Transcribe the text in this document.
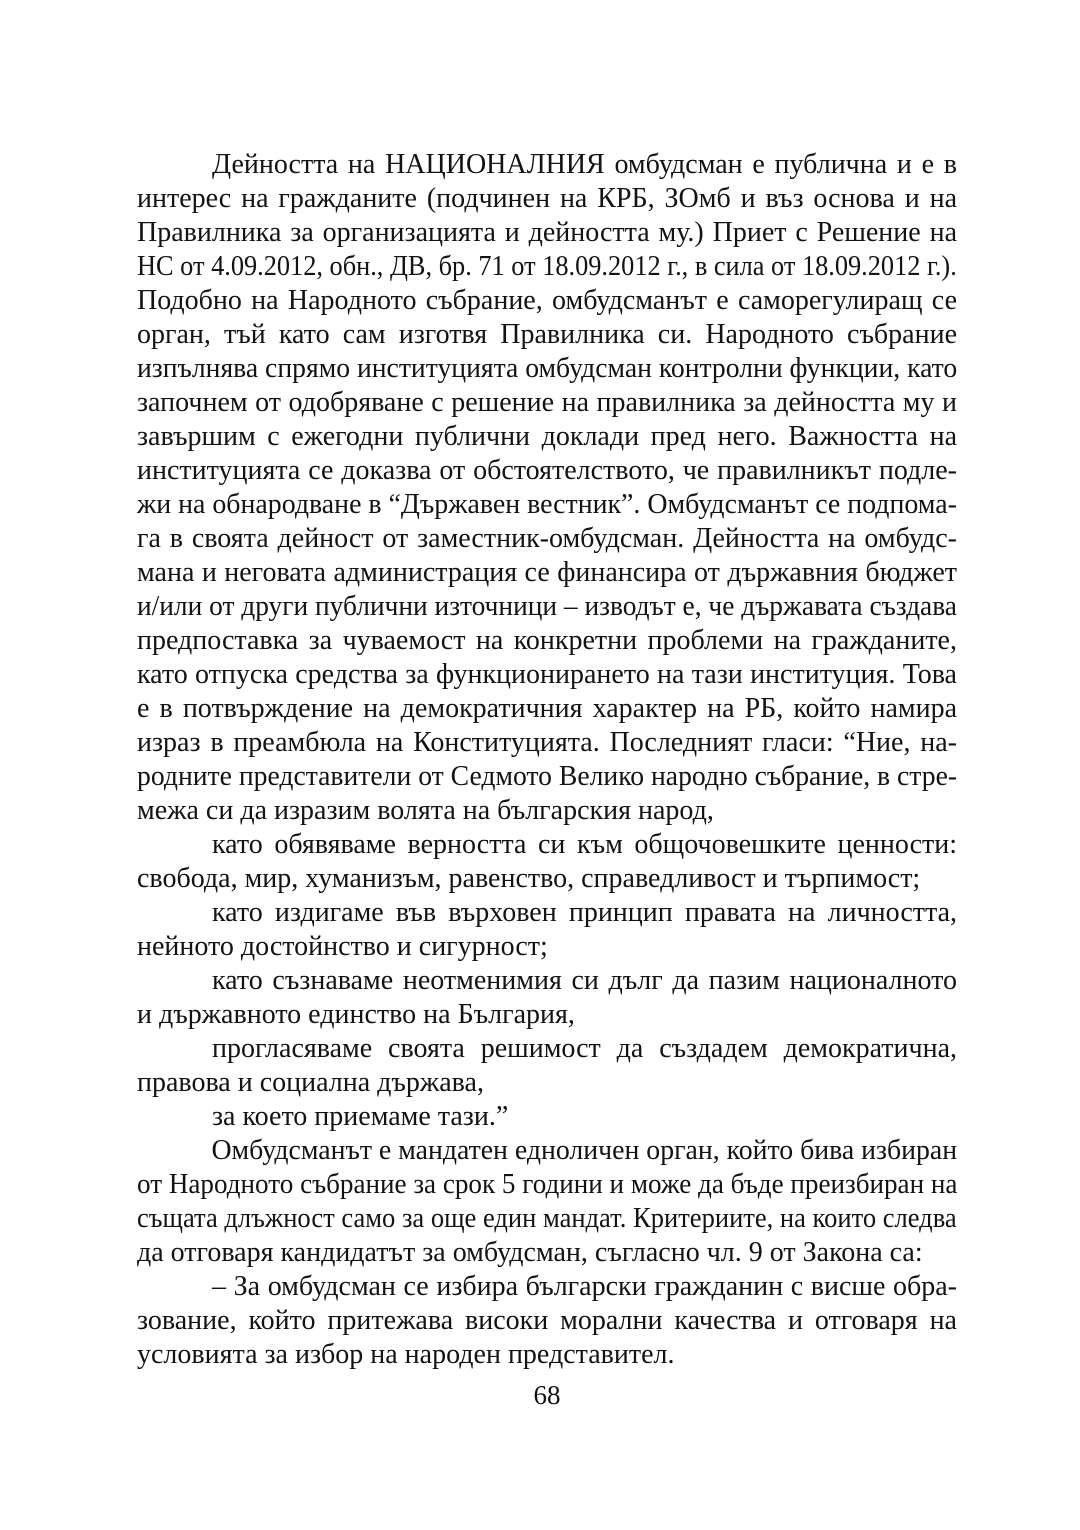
Дейността на НАЦИОНАЛНИЯ омбудсман е публична и е в
интерес на гражданите (подчинен на КРБ, ЗОмб и въз основа и на
Правилника за организацията и дейността му.) Приет с Решение на
НС от 4.09.2012, обн., ДВ, бр. 71 от 18.09.2012 г., в сила от 18.09.2012 г.).
Подобно на Народното събрание, омбудсманът е саморегулиращ се
орган, тъй като сам изготвя Правилника си. Народното събрание
изпълнява спрямо институцията омбудсман контролни функции, като
започнем от одобряване с решение на правилника за дейността му и
завършим с ежегодни публични доклади пред него. Важността на
институцията се доказва от обстоятелството, че правилникът подле-
жи на обнародване в “Държавен вестник”. Омбудсманът се подпома-
га в своята дейност от заместник-омбудсман. Дейността на омбудс-
мана и неговата администрация се финансира от държавния бюджет
и/или от други публични източници – изводът е, че държавата създава
предпоставка за чуваемост на конкретни проблеми на гражданите,
като отпуска средства за функционирането на тази институция. Това
е в потвърждение на демократичния характер на РБ, който намира
израз в преамбюла на Конституцията. Последният гласи: “Ние, на-
родните представители от Седмото Велико народно събрание, в стре-
межа си да изразим волята на българския народ,
като обявяваме верността си към общочовешките ценности:
свобода, мир, хуманизъм, равенство, справедливост и търпимост;
като издигаме във върховен принцип правата на личността,
нейното достойнство и сигурност;
като съзнаваме неотменимия си дълг да пазим националното
и държавното единство на България,
прогласяваме своята решимост да създадем демократична,
правова и социална държава,
за което приемаме тази.”
Омбудсманът е мандатен едноличен орган, който бива избиран
от Народното събрание за срок 5 години и може да бъде преизбиран на
същата длъжност само за още един мандат. Критериите, на които следва
да отговаря кандидатът за омбудсман, съгласно чл. 9 от Закона са:
– За омбудсман се избира български гражданин с висше обра-
зование, който притежава високи морални качества и отговаря на
условията за избор на народен представител.
68
